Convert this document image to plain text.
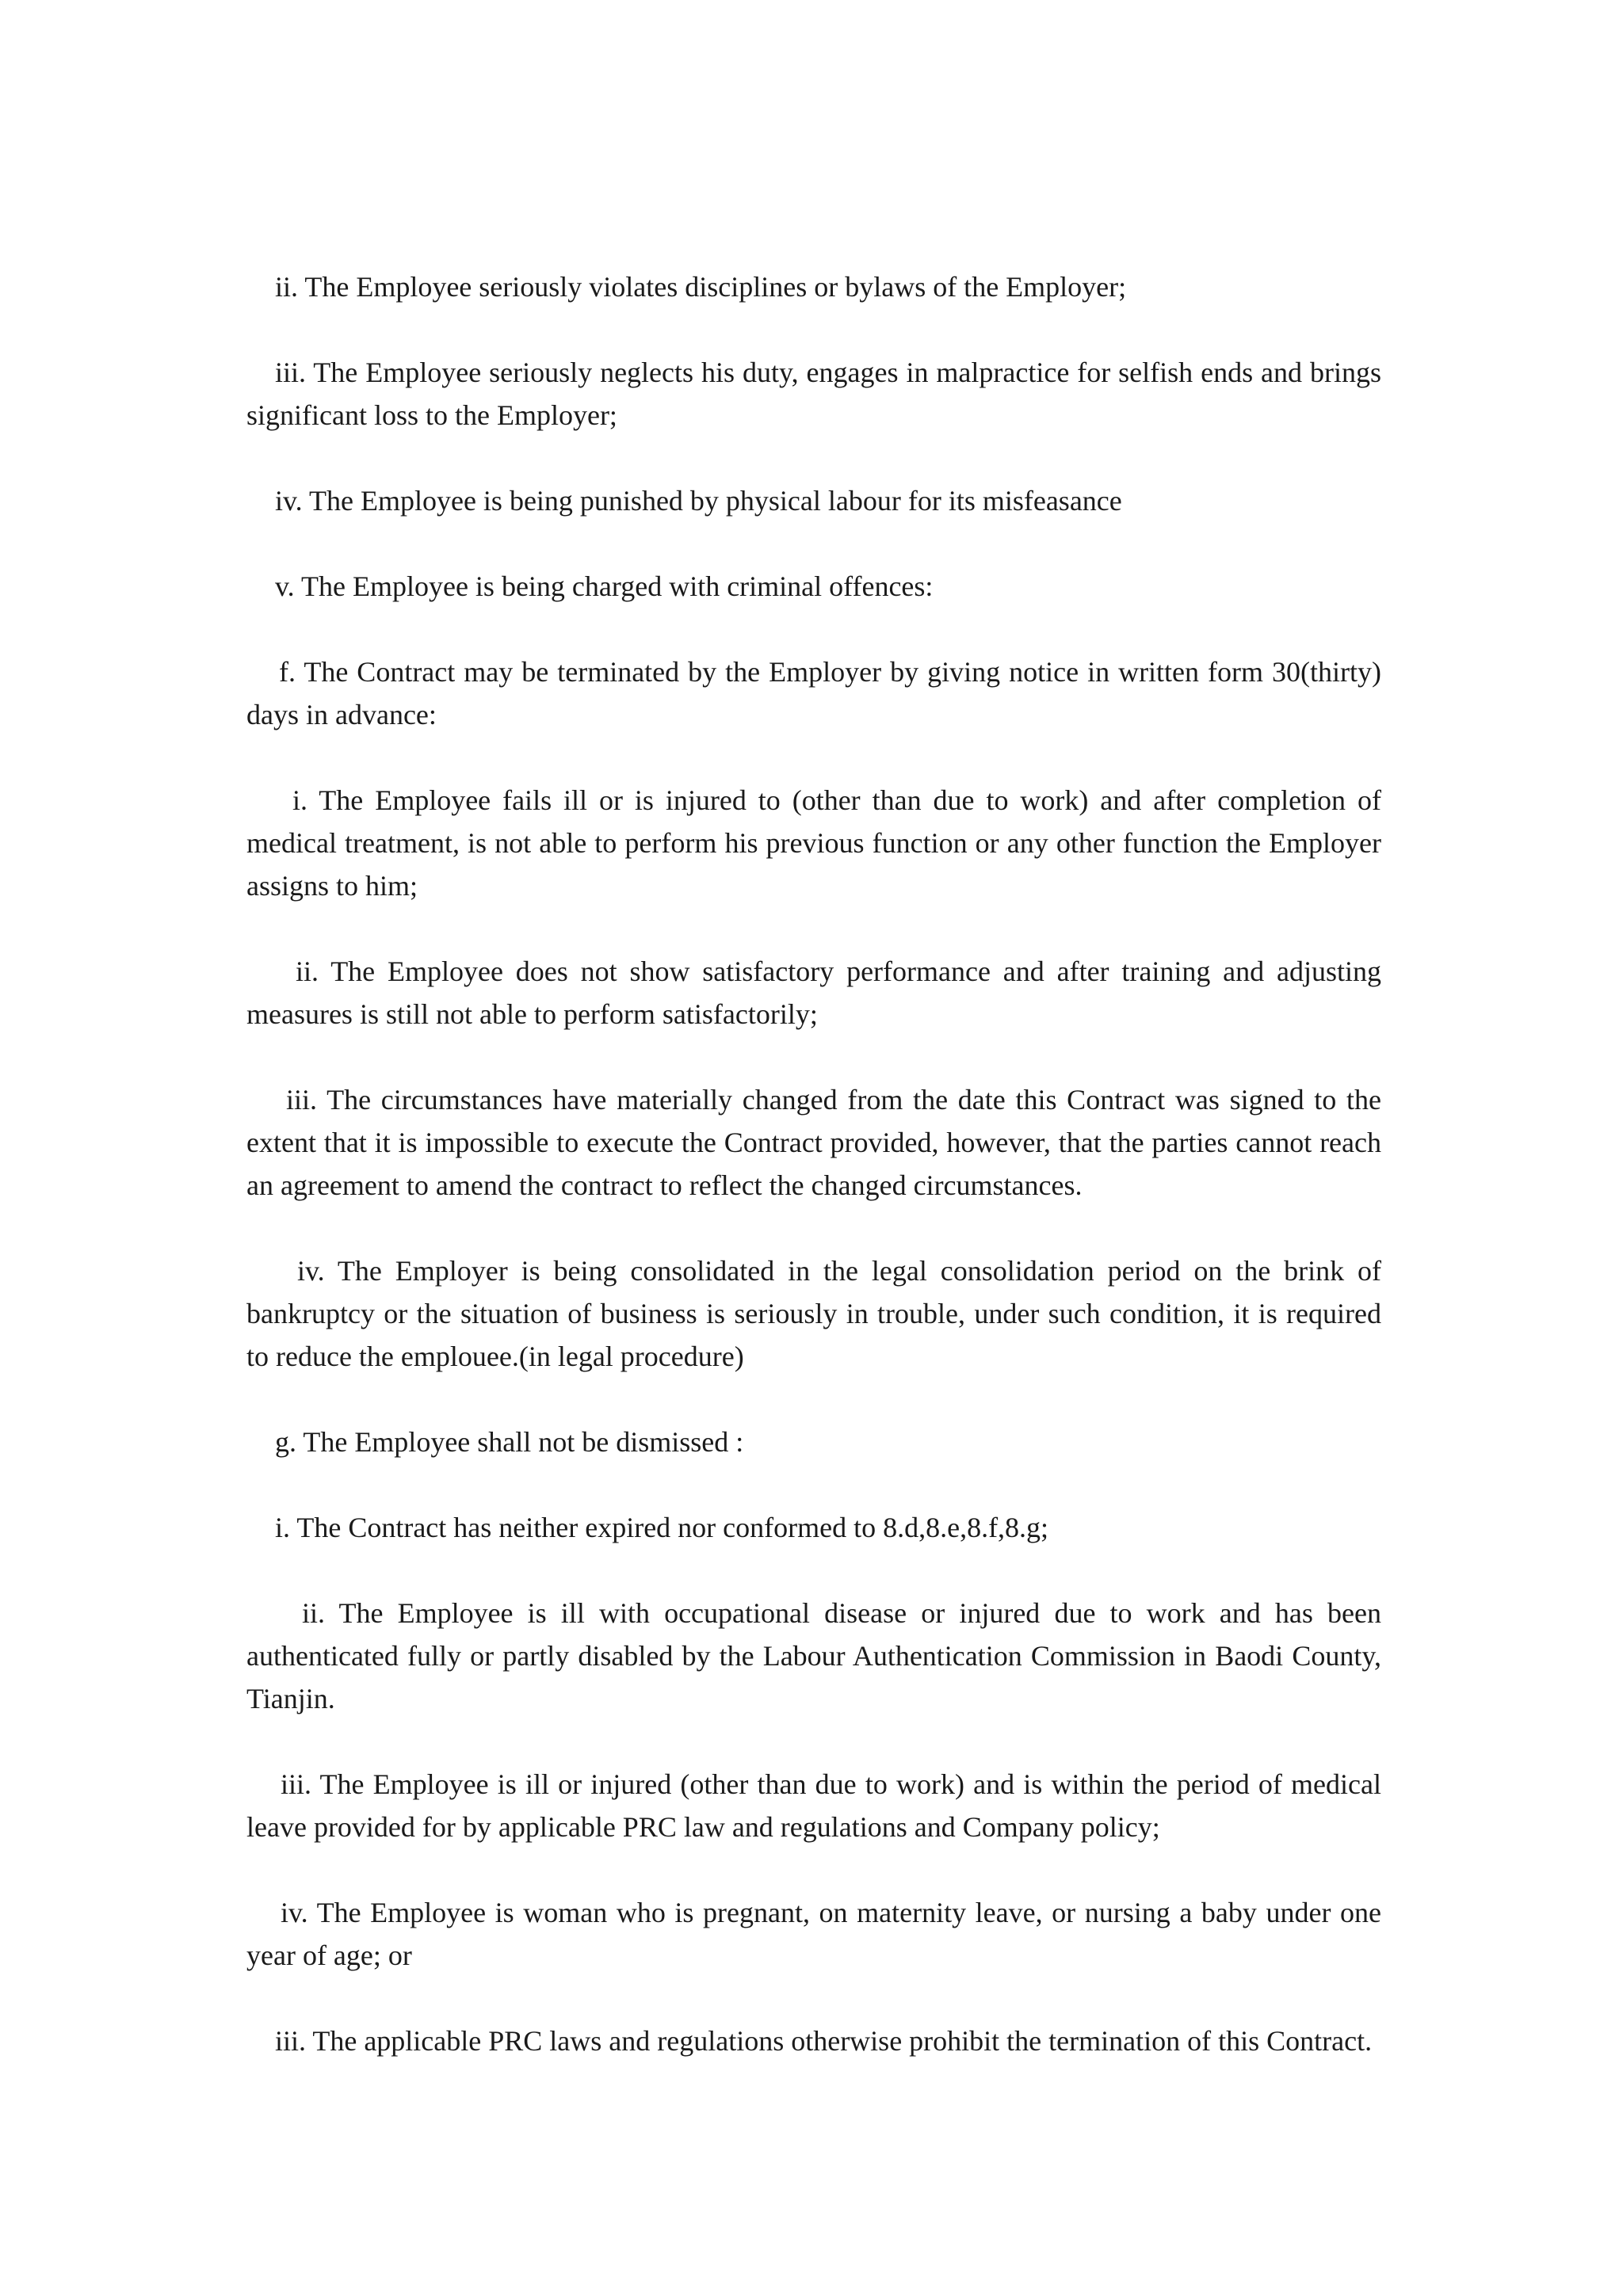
ii. The Employee seriously violates disciplines or bylaws of the Employer;

iii. The Employee seriously neglects his duty, engages in malpractice for selfish ends and brings significant loss to the Employer;

iv. The Employee is being punished by physical labour for its misfeasance

v. The Employee is being charged with criminal offences:

f. The Contract may be terminated by the Employer by giving notice in written form 30(thirty) days in advance:

i. The Employee fails ill or is injured to (other than due to work) and after completion of medical treatment, is not able to perform his previous function or any other function the Employer assigns to him;

ii. The Employee does not show satisfactory performance and after training and adjusting measures is still not able to perform satisfactorily;

iii. The circumstances have materially changed from the date this Contract was signed to the extent that it is impossible to execute the Contract provided, however, that the parties cannot reach an agreement to amend the contract to reflect the changed circumstances.

iv. The Employer is being consolidated in the legal consolidation period on the brink of bankruptcy or the situation of business is seriously in trouble, under such condition, it is required to reduce the emplouee.(in legal procedure)

g. The Employee shall not be dismissed :

i. The Contract has neither expired nor conformed to 8.d,8.e,8.f,8.g;

ii. The Employee is ill with occupational disease or injured due to work and has been authenticated fully or partly disabled by the Labour Authentication Commission in Baodi County, Tianjin.

iii. The Employee is ill or injured (other than due to work) and is within the period of medical leave provided for by applicable PRC law and regulations and Company policy;

iv. The Employee is woman who is pregnant, on maternity leave, or nursing a baby under one year of age; or

iii. The applicable PRC laws and regulations otherwise prohibit the termination of this Contract.
